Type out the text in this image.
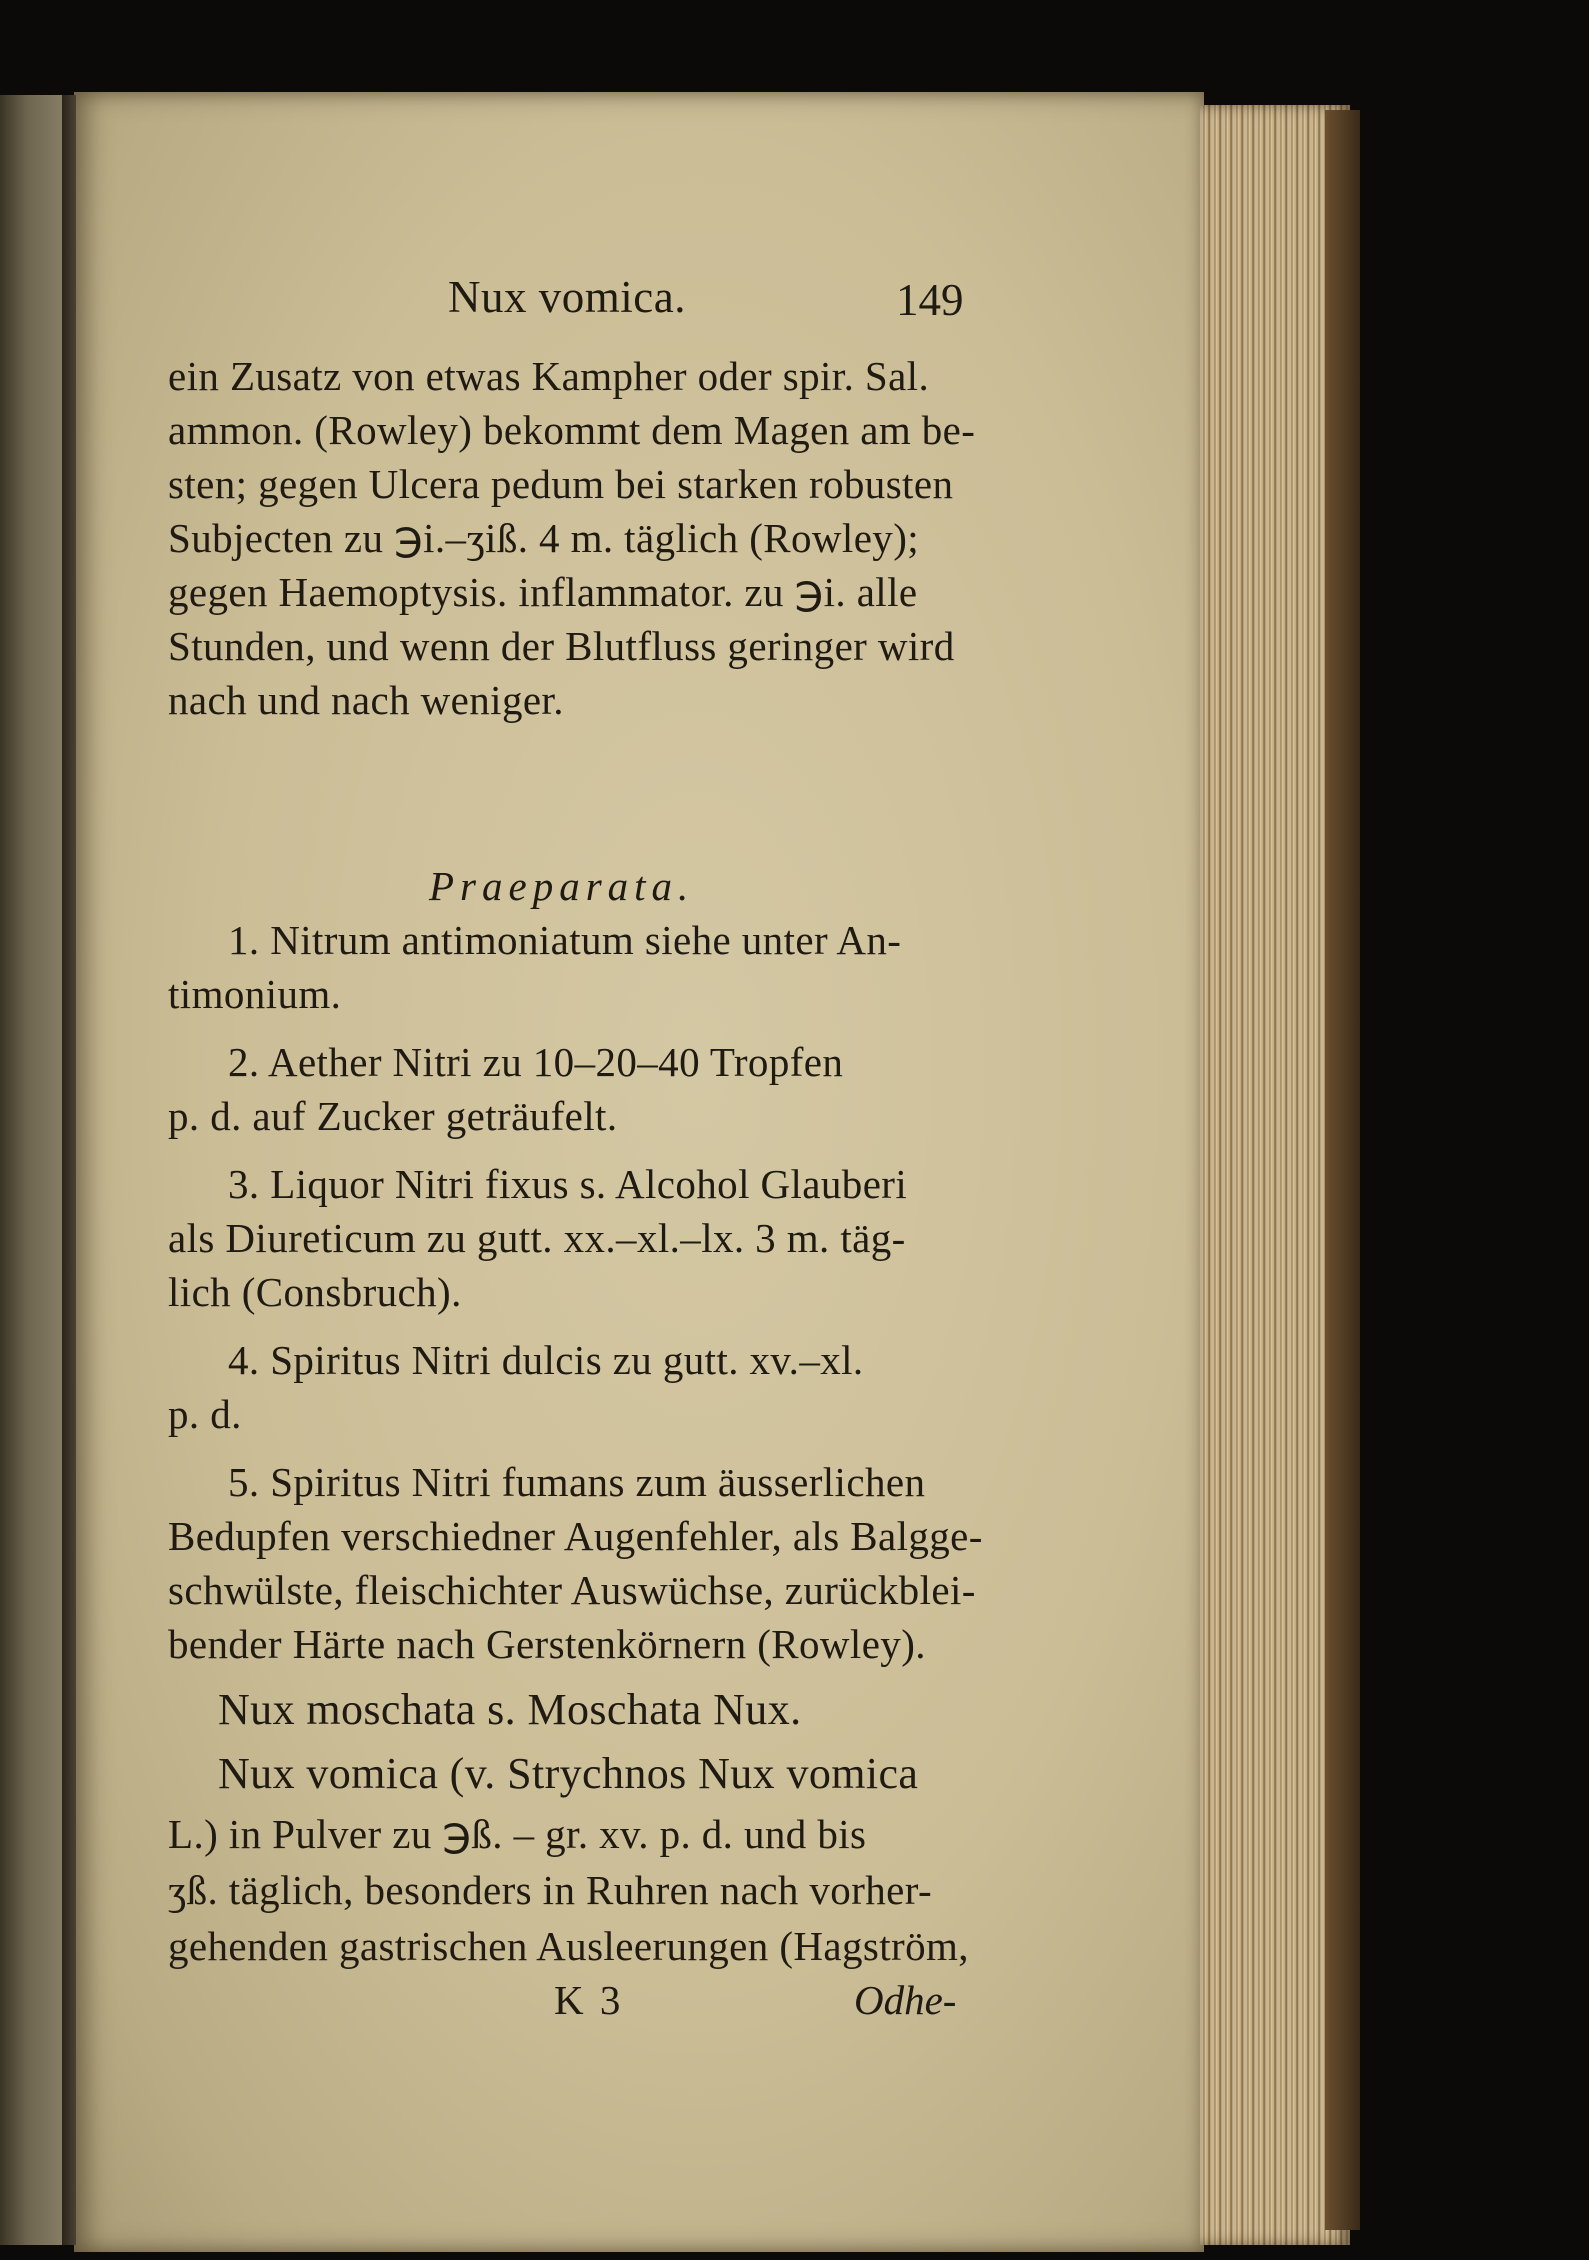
Nux vomica.	149
ein Zusatz von etwas Kampher oder spir. Sal.
ammon. (Rowley) bekommt dem Magen am be-
sten; gegen Ulcera pedum bei starken robusten
Subjecten zu ℈i.–ʒiß. 4 m. täglich (Rowley);
gegen Haemoptysis. inflammator. zu ℈i. alle
Stunden, und wenn der Blutfluss geringer wird
nach und nach weniger.
Praeparata.
1. Nitrum antimoniatum siehe unter An-
timonium.
2. Aether Nitri zu 10–20–40 Tropfen
p. d. auf Zucker geträufelt.
3. Liquor Nitri fixus s. Alcohol Glauberi
als Diureticum zu gutt. xx.–xl.–lx. 3 m. täg-
lich (Consbruch).
4. Spiritus Nitri dulcis zu gutt. xv.–xl.
p. d.
5. Spiritus Nitri fumans zum äusserlichen
Bedupfen verschiedner Augenfehler, als Balgge-
schwülste, fleischichter Auswüchse, zurückblei-
bender Härte nach Gerstenkörnern (Rowley).
Nux moschata s. Moschata Nux.
Nux vomica (v. Strychnos Nux vomica
L.) in Pulver zu ℈ß. – gr. xv. p. d. und bis
ʒß. täglich, besonders in Ruhren nach vorher-
gehenden gastrischen Ausleerungen (Hagström,
K 3	Odhe-
